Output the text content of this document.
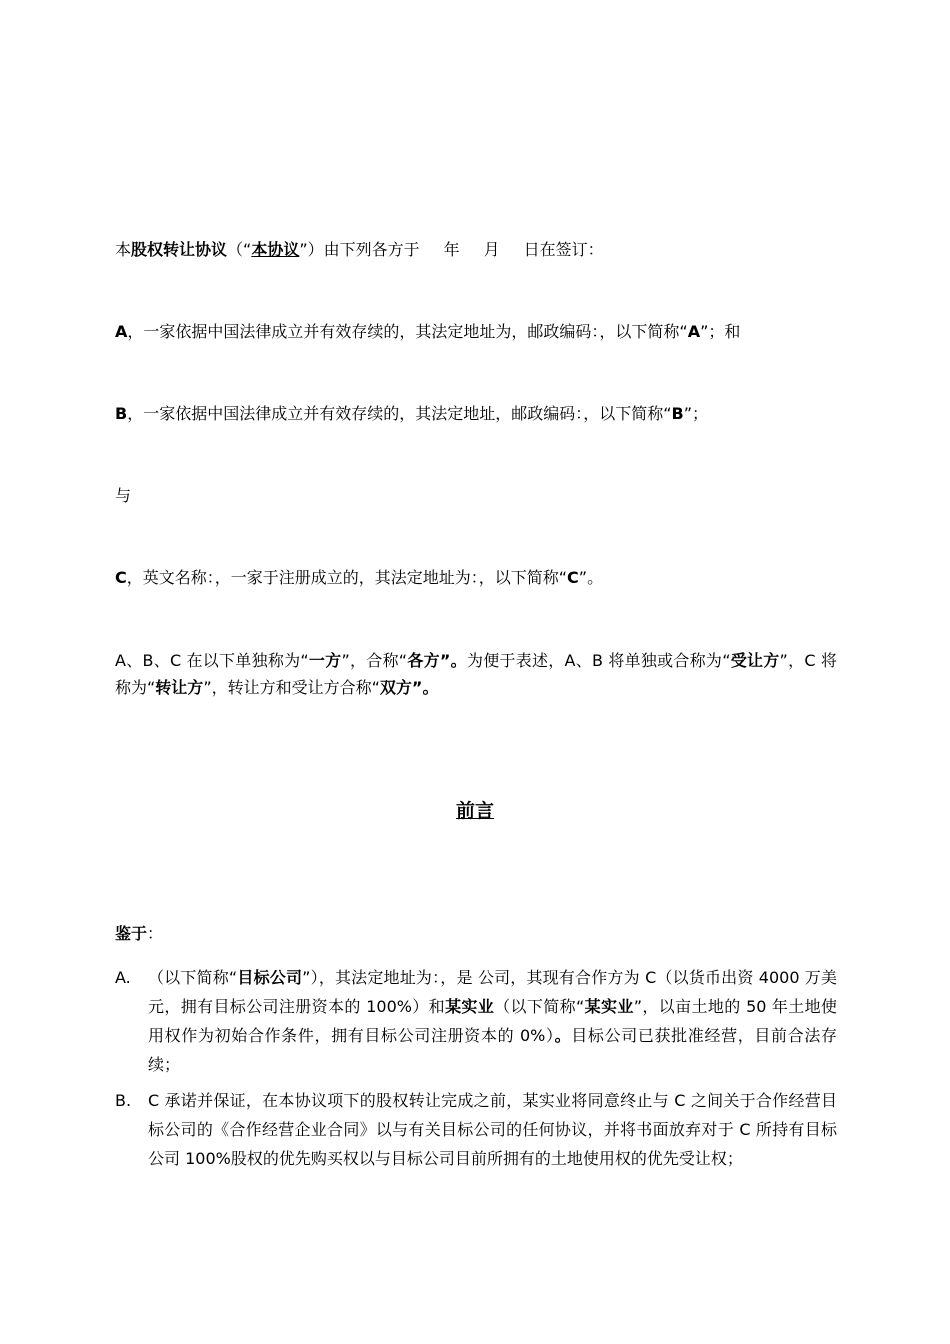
本股权转让协议（“本协议”）由下列各方于 年 月 日在签订：
A，一家依据中国法律成立并有效存续的，其法定地址为，邮政编码：，以下简称“A”；和
B，一家依据中国法律成立并有效存续的，其法定地址，邮政编码：，以下简称“B”；
与
C，英文名称：，一家于注册成立的，其法定地址为：，以下简称“C”。
A、B、C 在以下单独称为“一方”，合称“各方”。为便于表述，A、B 将单独或合称为“受让方”，C 将称为“转让方”，转让方和受让方合称“双方”。
前言
鉴于：
A. （以下简称“目标公司”），其法定地址为：，是 公司，其现有合作方为 C（以货币出资 4000 万美元，拥有目标公司注册资本的 100%）和某实业（以下简称“某实业”，以亩土地的 50 年土地使用权作为初始合作条件，拥有目标公司注册资本的 0%）。目标公司已获批准经营，目前合法存续；
B. C 承诺并保证，在本协议项下的股权转让完成之前，某实业将同意终止与 C 之间关于合作经营目标公司的《合作经营企业合同》以与有关目标公司的任何协议，并将书面放弃对于 C 所持有目标公司 100%股权的优先购买权以与目标公司目前所拥有的土地使用权的优先受让权；
